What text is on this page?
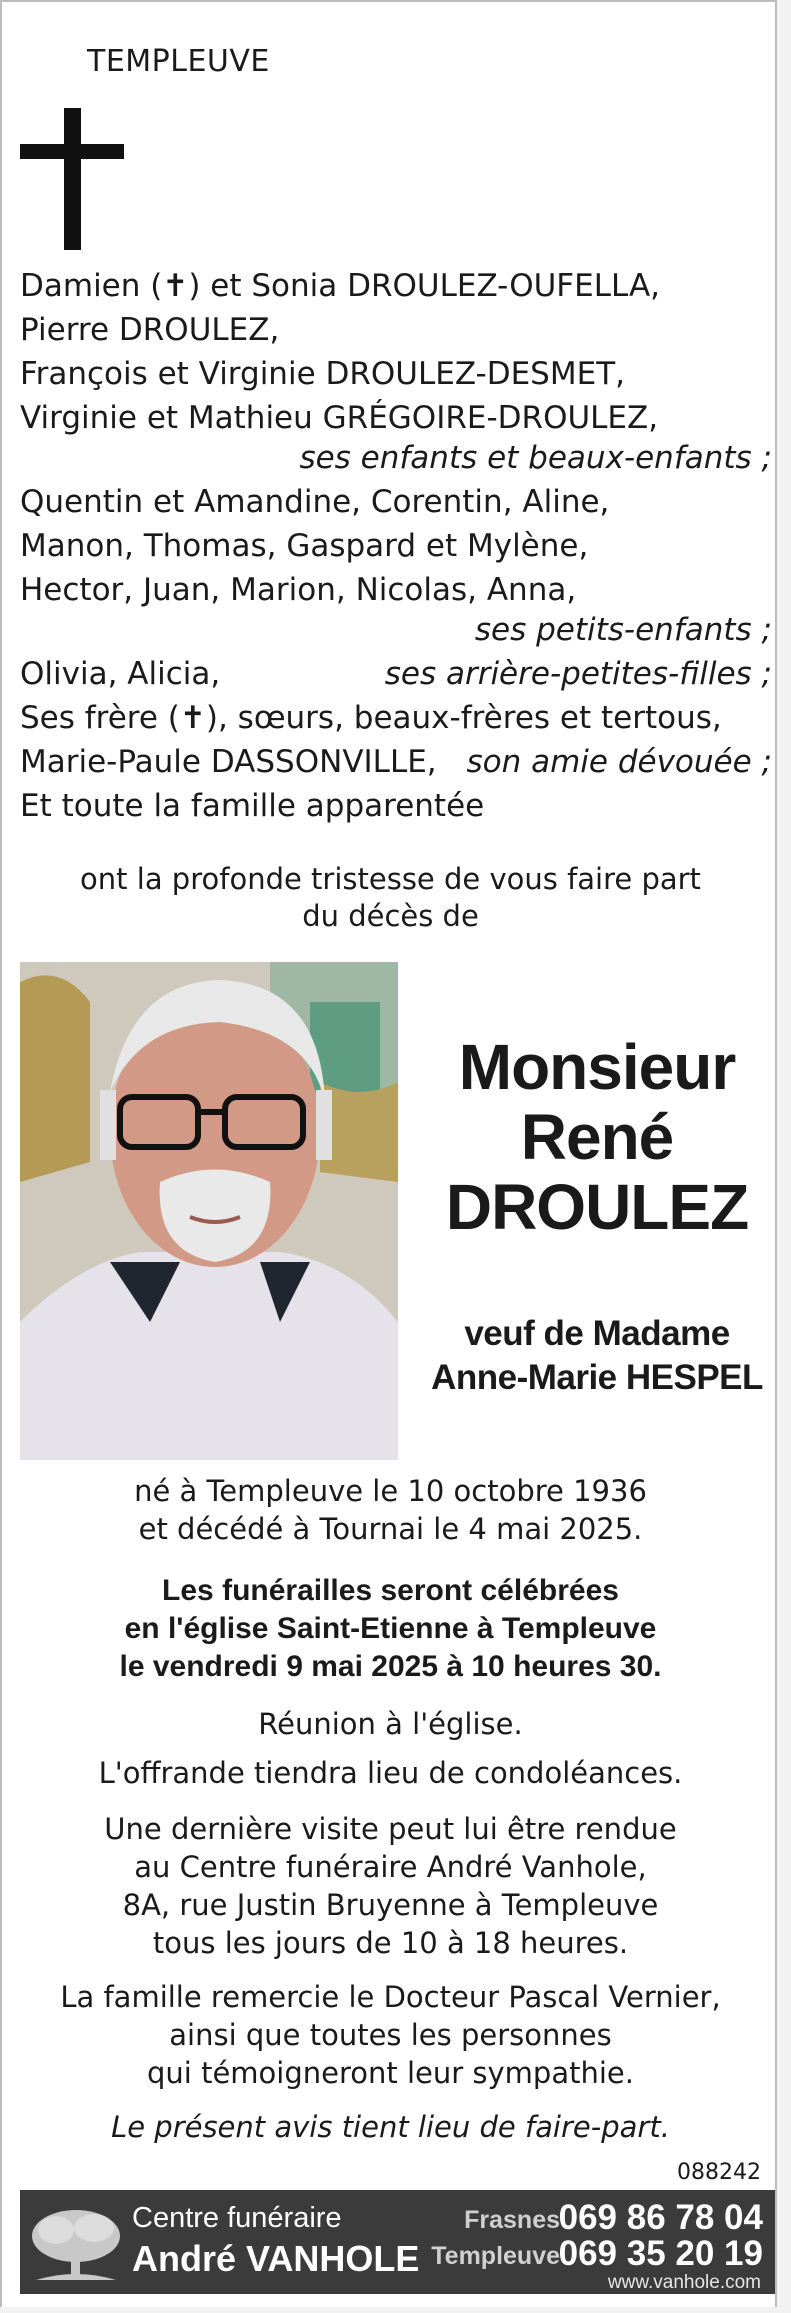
TEMPLEUVE
Damien (✝) et Sonia DROULEZ-OUFELLA,
Pierre DROULEZ,
François et Virginie DROULEZ-DESMET,
Virginie et Mathieu GRÉGOIRE-DROULEZ,
ses enfants et beaux-enfants ;
Quentin et Amandine, Corentin, Aline,
Manon, Thomas, Gaspard et Mylène,
Hector, Juan, Marion, Nicolas, Anna,
ses petits-enfants ;
Olivia, Alicia,	ses arrière-petites-filles ;
Ses frère (✝), sœurs, beaux-frères et tertous,
Marie-Paule DASSONVILLE, son amie dévouée ;
Et toute la famille apparentée
ont la profonde tristesse de vous faire part
du décès de
Monsieur
René
DROULEZ
veuf de Madame
Anne-Marie HESPEL
né à Templeuve le 10 octobre 1936
et décédé à Tournai le 4 mai 2025.
Les funérailles seront célébrées
en l'église Saint-Etienne à Templeuve
le vendredi 9 mai 2025 à 10 heures 30.
Réunion à l'église.
L'offrande tiendra lieu de condoléances.
Une dernière visite peut lui être rendue
au Centre funéraire André Vanhole,
8A, rue Justin Bruyenne à Templeuve
tous les jours de 10 à 18 heures.
La famille remercie le Docteur Pascal Vernier,
ainsi que toutes les personnes
qui témoigneront leur sympathie.
Le présent avis tient lieu de faire-part.
088242
Centre funéraire
André VANHOLE
Frasnes
069 86 78 04
Templeuve
069 35 20 19
www.vanhole.com
